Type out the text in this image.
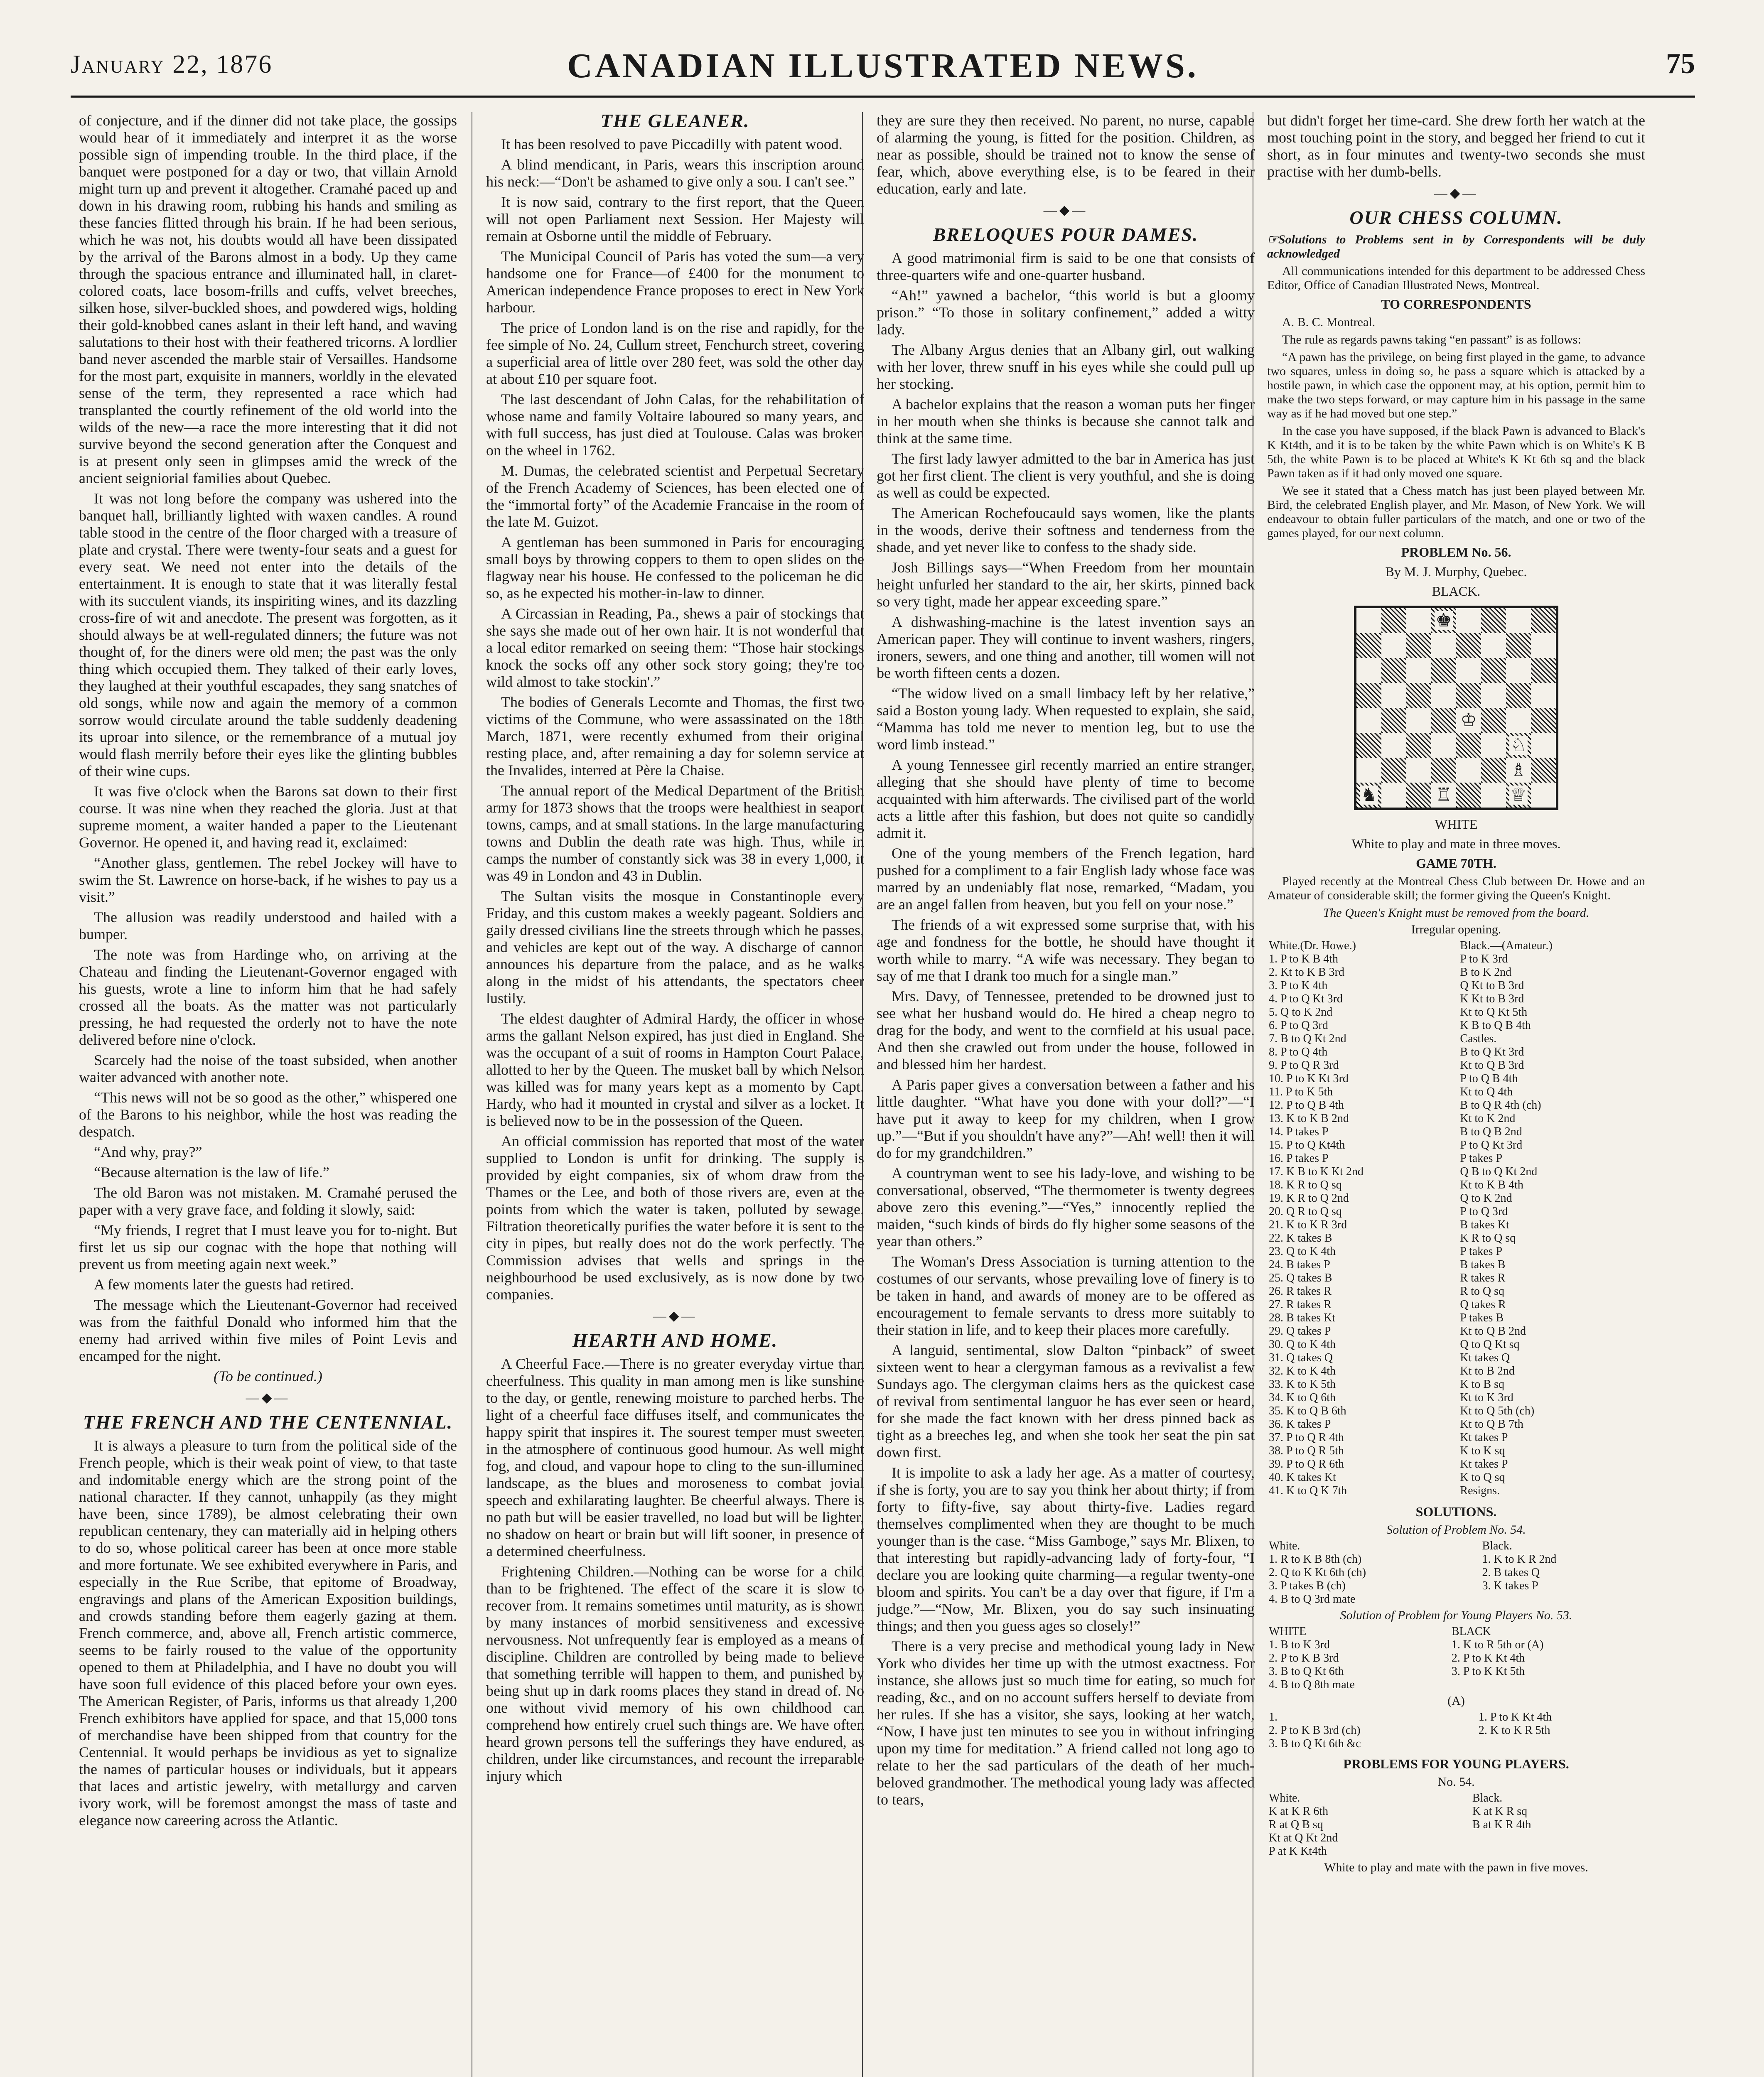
January 22, 1876	CANADIAN ILLUSTRATED NEWS.	75

of conjecture, and if the dinner did not take place, the gossips would hear of it immediately and interpret it as the worse possible sign of impending trouble. In the third place, if the banquet were postponed for a day or two, that villain Arnold might turn up and prevent it altogether. Cramahé paced up and down in his drawing room, rubbing his hands and smiling as these fancies flitted through his brain. If he had been serious, which he was not, his doubts would all have been dissipated by the arrival of the Barons almost in a body. Up they came through the spacious entrance and illuminated hall, in claret-colored coats, lace bosom-frills and cuffs, velvet breeches, silken hose, silver-buckled shoes, and powdered wigs, holding their gold-knobbed canes aslant in their left hand, and waving salutations to their host with their feathered tricorns. A lordlier band never ascended the marble stair of Versailles. Handsome for the most part, exquisite in manners, worldly in the elevated sense of the term, they represented a race which had transplanted the courtly refinement of the old world into the wilds of the new—a race the more interesting that it did not survive beyond the second generation after the Conquest and is at present only seen in glimpses amid the wreck of the ancient seigniorial families about Quebec.

It was not long before the company was ushered into the banquet hall, brilliantly lighted with waxen candles. A round table stood in the centre of the floor charged with a treasure of plate and crystal. There were twenty-four seats and a guest for every seat. We need not enter into the details of the entertainment. It is enough to state that it was literally festal with its succulent viands, its inspiriting wines, and its dazzling cross-fire of wit and anecdote. The present was forgotten, as it should always be at well-regulated dinners; the future was not thought of, for the diners were old men; the past was the only thing which occupied them. They talked of their early loves, they laughed at their youthful escapades, they sang snatches of old songs, while now and again the memory of a common sorrow would circulate around the table suddenly deadening its uproar into silence, or the remembrance of a mutual joy would flash merrily before their eyes like the glinting bubbles of their wine cups.

It was five o'clock when the Barons sat down to their first course. It was nine when they reached the gloria. Just at that supreme moment, a waiter handed a paper to the Lieutenant Governor. He opened it, and having read it, exclaimed:

“Another glass, gentlemen. The rebel Jockey will have to swim the St. Lawrence on horse-back, if he wishes to pay us a visit.”

The allusion was readily understood and hailed with a bumper.

The note was from Hardinge who, on arriving at the Chateau and finding the Lieutenant-Governor engaged with his guests, wrote a line to inform him that he had safely crossed all the boats. As the matter was not particularly pressing, he had requested the orderly not to have the note delivered before nine o'clock.

Scarcely had the noise of the toast subsided, when another waiter advanced with another note.

“This news will not be so good as the other,” whispered one of the Barons to his neighbor, while the host was reading the despatch.

“And why, pray?”

“Because alternation is the law of life.”

The old Baron was not mistaken. M. Cramahé perused the paper with a very grave face, and folding it slowly, said:

“My friends, I regret that I must leave you for to-night. But first let us sip our cognac with the hope that nothing will prevent us from meeting again next week.”

A few moments later the guests had retired.

The message which the Lieutenant-Governor had received was from the faithful Donald who informed him that the enemy had arrived within five miles of Point Levis and encamped for the night.

(To be continued.)

—◆—
THE FRENCH AND THE CENTENNIAL.

It is always a pleasure to turn from the political side of the French people, which is their weak point of view, to that taste and indomitable energy which are the strong point of the national character. If they cannot, unhappily (as they might have been, since 1789), be almost celebrating their own republican centenary, they can materially aid in helping others to do so, whose political career has been at once more stable and more fortunate. We see exhibited everywhere in Paris, and especially in the Rue Scribe, that epitome of Broadway, engravings and plans of the American Exposition buildings, and crowds standing before them eagerly gazing at them. French commerce, and, above all, French artistic commerce, seems to be fairly roused to the value of the opportunity opened to them at Philadelphia, and I have no doubt you will have soon full evidence of this placed before your own eyes. The American Register, of Paris, informs us that already 1,200 French exhibitors have applied for space, and that 15,000 tons of merchandise have been shipped from that country for the Centennial. It would perhaps be invidious as yet to signalize the names of particular houses or individuals, but it appears that laces and artistic jewelry, with metallurgy and carven ivory work, will be foremost amongst the mass of taste and elegance now careering across the Atlantic.

THE GLEANER.

It has been resolved to pave Piccadilly with patent wood.

A blind mendicant, in Paris, wears this inscription around his neck:—“Don't be ashamed to give only a sou. I can't see.”

It is now said, contrary to the first report, that the Queen will not open Parliament next Session. Her Majesty will remain at Osborne until the middle of February.

The Municipal Council of Paris has voted the sum—a very handsome one for France—of £400 for the monument to American independence France proposes to erect in New York harbour.

The price of London land is on the rise and rapidly, for the fee simple of No. 24, Cullum street, Fenchurch street, covering a superficial area of little over 280 feet, was sold the other day at about £10 per square foot.

The last descendant of John Calas, for the rehabilitation of whose name and family Voltaire laboured so many years, and with full success, has just died at Toulouse. Calas was broken on the wheel in 1762.

M. Dumas, the celebrated scientist and Perpetual Secretary of the French Academy of Sciences, has been elected one of the “immortal forty” of the Academie Francaise in the room of the late M. Guizot.

A gentleman has been summoned in Paris for encouraging small boys by throwing coppers to them to open slides on the flagway near his house. He confessed to the policeman he did so, as he expected his mother-in-law to dinner.

A Circassian in Reading, Pa., shews a pair of stockings that she says she made out of her own hair. It is not wonderful that a local editor remarked on seeing them: “Those hair stockings knock the socks off any other sock story going; they're too wild almost to take stockin'.”

The bodies of Generals Lecomte and Thomas, the first two victims of the Commune, who were assassinated on the 18th March, 1871, were recently exhumed from their original resting place, and, after remaining a day for solemn service at the Invalides, interred at Père la Chaise.

The annual report of the Medical Department of the British army for 1873 shows that the troops were healthiest in seaport towns, camps, and at small stations. In the large manufacturing towns and Dublin the death rate was high. Thus, while in camps the number of constantly sick was 38 in every 1,000, it was 49 in London and 43 in Dublin.

The Sultan visits the mosque in Constantinople every Friday, and this custom makes a weekly pageant. Soldiers and gaily dressed civilians line the streets through which he passes, and vehicles are kept out of the way. A discharge of cannon announces his departure from the palace, and as he walks along in the midst of his attendants, the spectators cheer lustily.

The eldest daughter of Admiral Hardy, the officer in whose arms the gallant Nelson expired, has just died in England. She was the occupant of a suit of rooms in Hampton Court Palace, allotted to her by the Queen. The musket ball by which Nelson was killed was for many years kept as a momento by Capt. Hardy, who had it mounted in crystal and silver as a locket. It is believed now to be in the possession of the Queen.

An official commission has reported that most of the water supplied to London is unfit for drinking. The supply is provided by eight companies, six of whom draw from the Thames or the Lee, and both of those rivers are, even at the points from which the water is taken, polluted by sewage. Filtration theoretically purifies the water before it is sent to the city in pipes, but really does not do the work perfectly. The Commission advises that wells and springs in the neighbourhood be used exclusively, as is now done by two companies.

—◆—
HEARTH AND HOME.

A Cheerful Face.—There is no greater everyday virtue than cheerfulness. This quality in man among men is like sunshine to the day, or gentle, renewing moisture to parched herbs. The light of a cheerful face diffuses itself, and communicates the happy spirit that inspires it. The sourest temper must sweeten in the atmosphere of continuous good humour. As well might fog, and cloud, and vapour hope to cling to the sun-illumined landscape, as the blues and moroseness to combat jovial speech and exhilarating laughter. Be cheerful always. There is no path but will be easier travelled, no load but will be lighter, no shadow on heart or brain but will lift sooner, in presence of a determined cheerfulness.

Frightening Children.—Nothing can be worse for a child than to be frightened. The effect of the scare it is slow to recover from. It remains sometimes until maturity, as is shown by many instances of morbid sensitiveness and excessive nervousness. Not unfrequently fear is employed as a means of discipline. Children are controlled by being made to believe that something terrible will happen to them, and punished by being shut up in dark rooms places they stand in dread of. No one without vivid memory of his own childhood can comprehend how entirely cruel such things are. We have often heard grown persons tell the sufferings they have endured, as children, under like circumstances, and recount the irreparable injury which

they are sure they then received. No parent, no nurse, capable of alarming the young, is fitted for the position. Children, as near as possible, should be trained not to know the sense of fear, which, above everything else, is to be feared in their education, early and late.

—◆—
BRELOQUES POUR DAMES.

A good matrimonial firm is said to be one that consists of three-quarters wife and one-quarter husband.

“Ah!” yawned a bachelor, “this world is but a gloomy prison.” “To those in solitary confinement,” added a witty lady.

The Albany Argus denies that an Albany girl, out walking with her lover, threw snuff in his eyes while she could pull up her stocking.

A bachelor explains that the reason a woman puts her finger in her mouth when she thinks is because she cannot talk and think at the same time.

The first lady lawyer admitted to the bar in America has just got her first client. The client is very youthful, and she is doing as well as could be expected.

The American Rochefoucauld says women, like the plants in the woods, derive their softness and tenderness from the shade, and yet never like to confess to the shady side.

Josh Billings says—“When Freedom from her mountain height unfurled her standard to the air, her skirts, pinned back so very tight, made her appear exceeding spare.”

A dishwashing-machine is the latest invention says an American paper. They will continue to invent washers, ringers, ironers, sewers, and one thing and another, till women will not be worth fifteen cents a dozen.

“The widow lived on a small limbacy left by her relative,” said a Boston young lady. When requested to explain, she said, “Mamma has told me never to mention leg, but to use the word limb instead.”

A young Tennessee girl recently married an entire stranger, alleging that she should have plenty of time to become acquainted with him afterwards. The civilised part of the world acts a little after this fashion, but does not quite so candidly admit it.

One of the young members of the French legation, hard pushed for a compliment to a fair English lady whose face was marred by an undeniably flat nose, remarked, “Madam, you are an angel fallen from heaven, but you fell on your nose.”

The friends of a wit expressed some surprise that, with his age and fondness for the bottle, he should have thought it worth while to marry. “A wife was necessary. They began to say of me that I drank too much for a single man.”

Mrs. Davy, of Tennessee, pretended to be drowned just to see what her husband would do. He hired a cheap negro to drag for the body, and went to the cornfield at his usual pace. And then she crawled out from under the house, followed in and blessed him her hardest.

A Paris paper gives a conversation between a father and his little daughter. “What have you done with your doll?”—“I have put it away to keep for my children, when I grow up.”—“But if you shouldn't have any?”—Ah! well! then it will do for my grandchildren.”

A countryman went to see his lady-love, and wishing to be conversational, observed, “The thermometer is twenty degrees above zero this evening.”—“Yes,” innocently replied the maiden, “such kinds of birds do fly higher some seasons of the year than others.”

The Woman's Dress Association is turning attention to the costumes of our servants, whose prevailing love of finery is to be taken in hand, and awards of money are to be offered as encouragement to female servants to dress more suitably to their station in life, and to keep their places more carefully.

A languid, sentimental, slow Dalton “pinback” of sweet sixteen went to hear a clergyman famous as a revivalist a few Sundays ago. The clergyman claims hers as the quickest case of revival from sentimental languor he has ever seen or heard, for she made the fact known with her dress pinned back as tight as a breeches leg, and when she took her seat the pin sat down first.

It is impolite to ask a lady her age. As a matter of courtesy, if she is forty, you are to say you think her about thirty; if from forty to fifty-five, say about thirty-five. Ladies regard themselves complimented when they are thought to be much younger than is the case. “Miss Gamboge,” says Mr. Blixen, to that interesting but rapidly-advancing lady of forty-four, “I declare you are looking quite charming—a regular twenty-one bloom and spirits. You can't be a day over that figure, if I'm a judge.”—“Now, Mr. Blixen, you do say such insinuating things; and then you guess ages so closely!”

There is a very precise and methodical young lady in New York who divides her time up with the utmost exactness. For instance, she allows just so much time for eating, so much for reading, &c., and on no account suffers herself to deviate from her rules. If she has a visitor, she says, looking at her watch, “Now, I have just ten minutes to see you in without infringing upon my time for meditation.” A friend called not long ago to relate to her the sad particulars of the death of her much-beloved grandmother. The methodical young lady was affected to tears,

but didn't forget her time-card. She drew forth her watch at the most touching point in the story, and begged her friend to cut it short, as in four minutes and twenty-two seconds she must practise with her dumb-bells.

—◆—
OUR CHESS COLUMN.

☞Solutions to Problems sent in by Correspondents will be duly acknowledged

All communications intended for this department to be addressed Chess Editor, Office of Canadian Illustrated News, Montreal.

TO CORRESPONDENTS

A. B. C. Montreal.

The rule as regards pawns taking “en passant” is as follows:

“A pawn has the privilege, on being first played in the game, to advance two squares, unless in doing so, he pass a square which is attacked by a hostile pawn, in which case the opponent may, at his option, permit him to make the two steps forward, or may capture him in his passage in the same way as if he had moved but one step.”

In the case you have supposed, if the black Pawn is advanced to Black's K Kt4th, and it is to be taken by the white Pawn which is on White's K B 5th, the white Pawn is to be placed at White's K Kt 6th sq and the black Pawn taken as if it had only moved one square.

We see it stated that a Chess match has just been played between Mr. Bird, the celebrated English player, and Mr. Mason, of New York. We will endeavour to obtain fuller particulars of the match, and one or two of the games played, for our next column.

PROBLEM No. 56.
By M. J. Murphy, Quebec.
BLACK.
♚
♔
♘
♗
♞	♖	♕
WHITE
White to play and mate in three moves.
GAME 70TH.

Played recently at the Montreal Chess Club between Dr. Howe and an Amateur of considerable skill; the former giving the Queen's Knight.

The Queen's Knight must be removed from the board.
Irregular opening.
White.(Dr. Howe.)	Black.—(Amateur.)
1. P to K B 4th	P to K 3rd
2. Kt to K B 3rd	B to K 2nd
3. P to K 4th	Q Kt to B 3rd
4. P to Q Kt 3rd	K Kt to B 3rd
5. Q to K 2nd	Kt to Q Kt 5th
6. P to Q 3rd	K B to Q B 4th
7. B to Q Kt 2nd	Castles.
8. P to Q 4th	B to Q Kt 3rd
9. P to Q R 3rd	Kt to Q B 3rd
10. P to K Kt 3rd	P to Q B 4th
11. P to K 5th	Kt to Q 4th
12. P to Q B 4th	B to Q R 4th (ch)
13. K to K B 2nd	Kt to K 2nd
14. P takes P	B to Q B 2nd
15. P to Q Kt4th	P to Q Kt 3rd
16. P takes P	P takes P
17. K B to K Kt 2nd	Q B to Q Kt 2nd
18. K R to Q sq	Kt to K B 4th
19. K R to Q 2nd	Q to K 2nd
20. Q R to Q sq	P to Q 3rd
21. K to K R 3rd	B takes Kt
22. K takes B	K R to Q sq
23. Q to K 4th	P takes P
24. B takes P	B takes B
25. Q takes B	R takes R
26. R takes R	R to Q sq
27. R takes R	Q takes R
28. B takes Kt	P takes B
29. Q takes P	Kt to Q B 2nd
30. Q to K 4th	Q to Q Kt sq
31. Q takes Q	Kt takes Q
32. K to K 4th	Kt to B 2nd
33. K to K 5th	K to B sq
34. K to Q 6th	Kt to K 3rd
35. K to Q B 6th	Kt to Q 5th (ch)
36. K takes P	Kt to Q B 7th
37. P to Q R 4th	Kt takes P
38. P to Q R 5th	K to K sq
39. P to Q R 6th	Kt takes P
40. K takes Kt	K to Q sq
41. K to Q K 7th	Resigns.
SOLUTIONS.
Solution of Problem No. 54.
White.	Black.
1. R to K B 8th (ch)	1. K to K R 2nd
2. Q to K Kt 6th (ch)	2. B takes Q
3. P takes B (ch)	3. K takes P
4. B to Q 3rd mate	
Solution of Problem for Young Players No. 53.
WHITE	BLACK
1. B to K 3rd	1. K to R 5th or (A)
2. P to K B 3rd	2. P to K Kt 4th
3. B to Q Kt 6th	3. P to K Kt 5th
4. B to Q 8th mate	
(A)
1.	1. P to K Kt 4th
2. P to K B 3rd (ch)	2. K to K R 5th
3. B to Q Kt 6th &c	
PROBLEMS FOR YOUNG PLAYERS.
No. 54.
White.	Black.
K at K R 6th	K at K R sq
R at Q B sq	B at K R 4th
Kt at Q Kt 2nd	
P at K Kt4th	
White to play and mate with the pawn in five moves.
